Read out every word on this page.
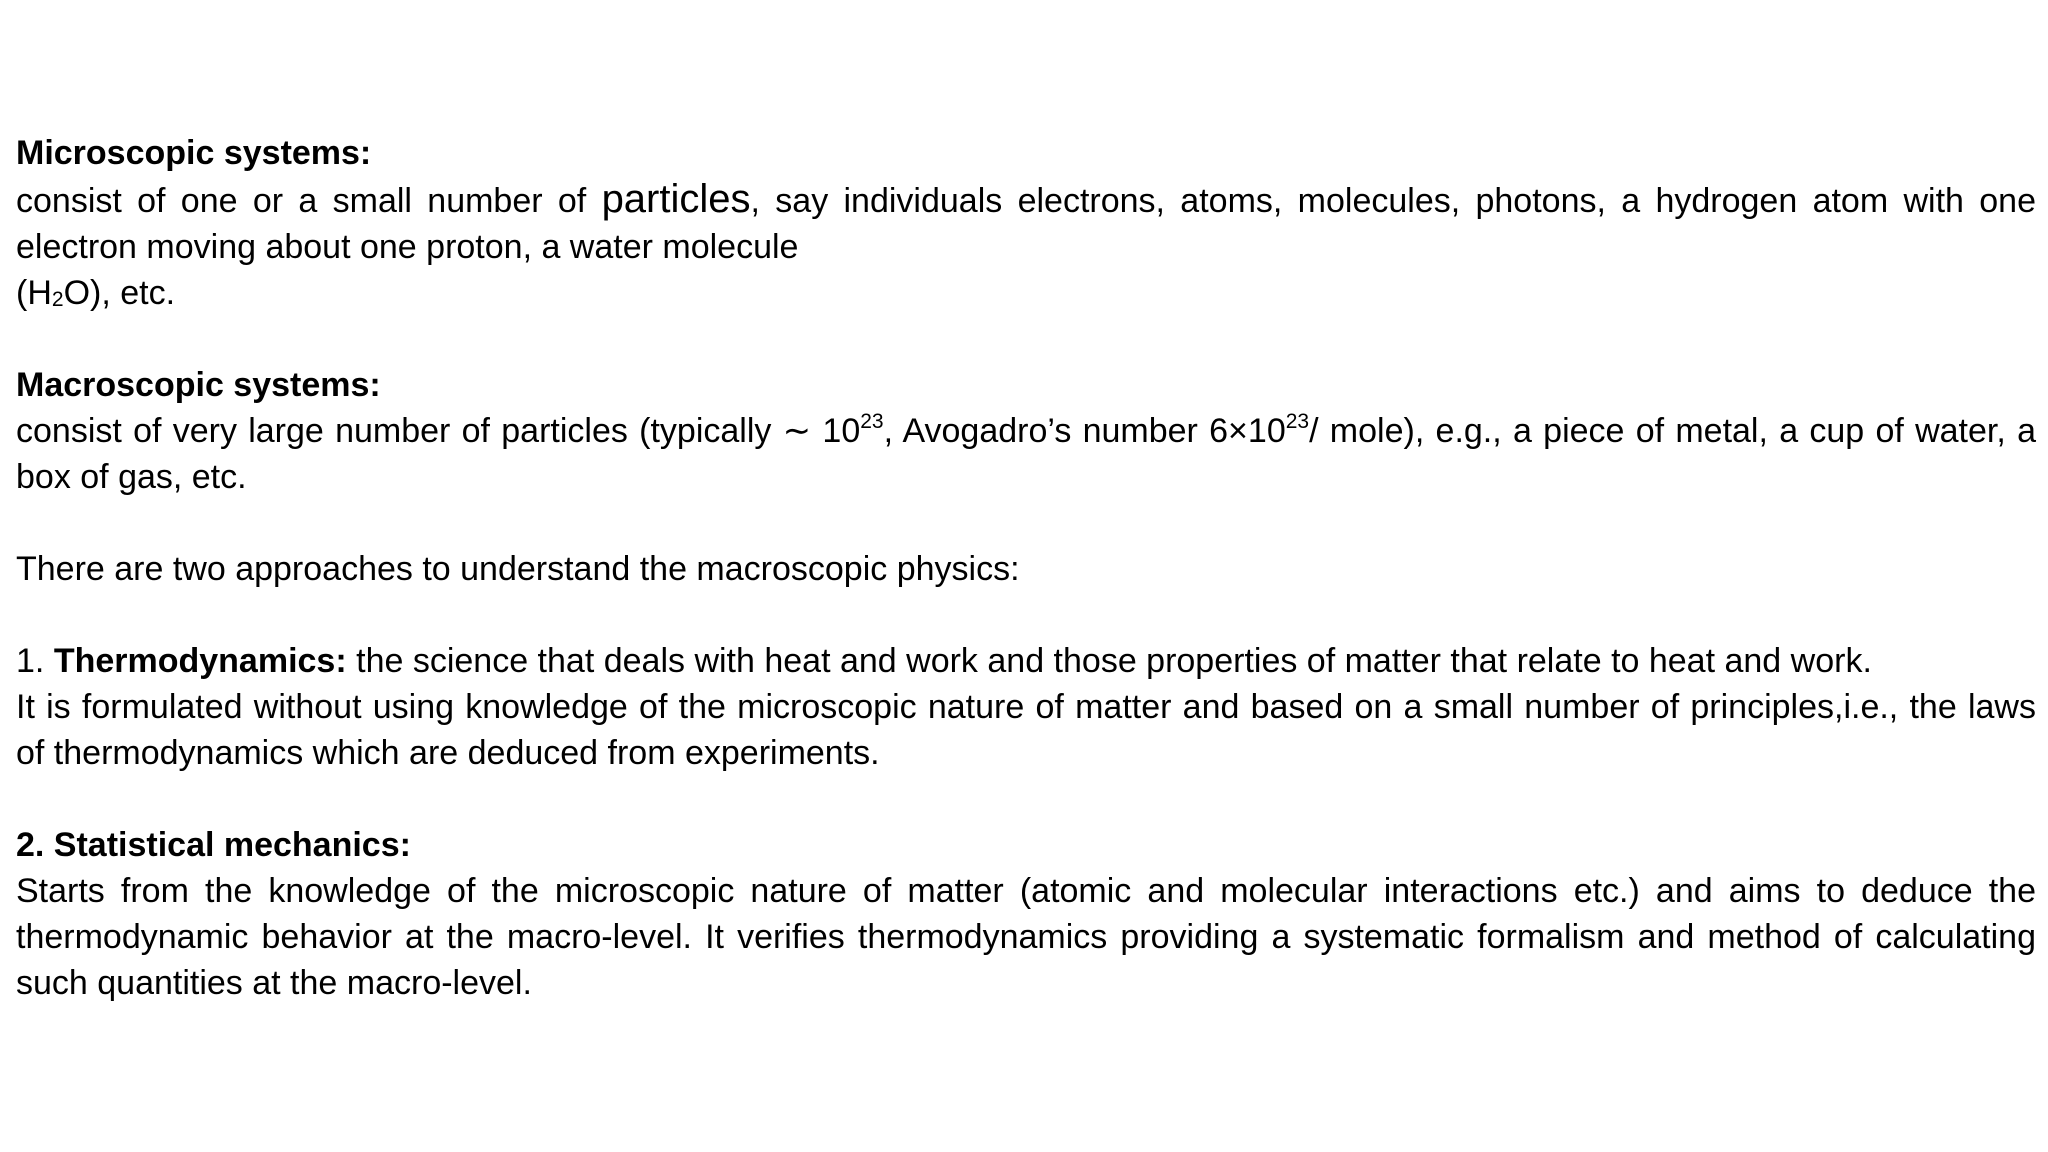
Microscopic systems:

consist of one or a small number of particles, say individuals electrons, atoms, molecules, photons, a hydrogen atom with one electron moving about one proton, a water molecule

$(H_2O)$, etc.

Macroscopic systems:

consist of very large number of particles (typically ∼ $10^{23}$, Avogadro’s number $6\times 10^{23}/$ mole), e.g., a piece of metal, a cup of water, a box of gas, etc.

There are two approaches to understand the macroscopic physics:

1. Thermodynamics: the science that deals with heat and work and those properties of matter that relate to heat and work.

It is formulated without using knowledge of the microscopic nature of matter and based on a small number of principles,i.e., the laws of thermodynamics which are deduced from experiments.

2. Statistical mechanics:

Starts from the knowledge of the microscopic nature of matter (atomic and molecular interactions etc.) and aims to deduce the thermodynamic behavior at the macro-level. It verifies thermodynamics providing a systematic formalism and method of calculating such quantities at the macro-level.
